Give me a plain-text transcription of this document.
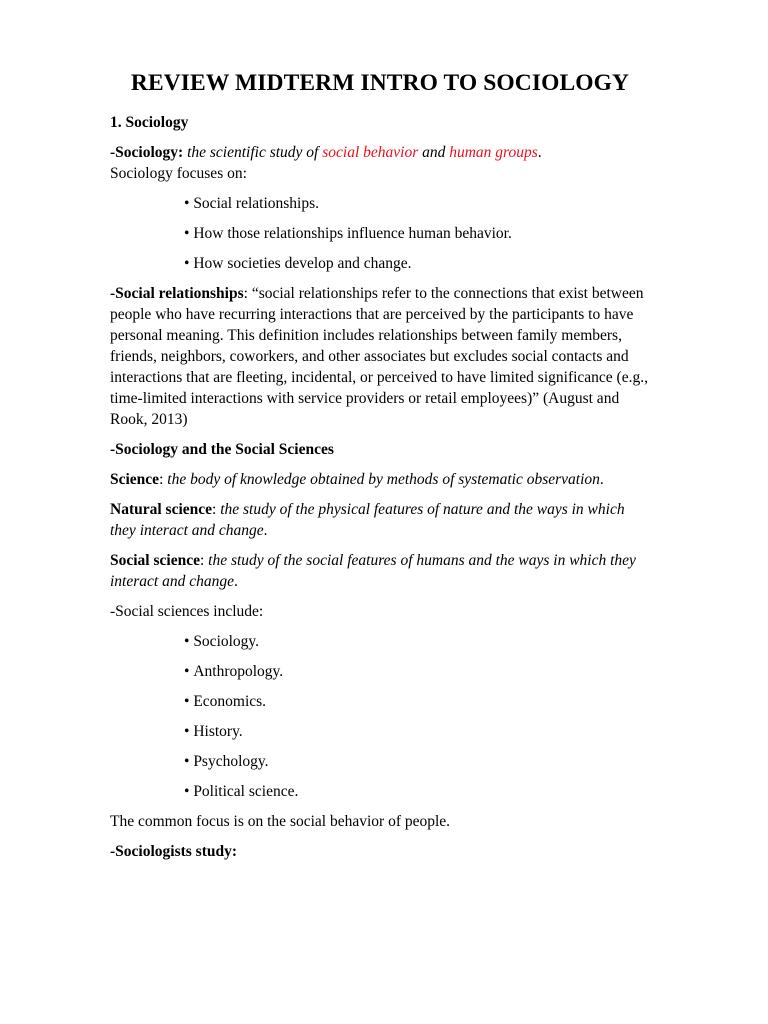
REVIEW MIDTERM INTRO TO SOCIOLOGY

1. Sociology

-Sociology: the scientific study of social behavior and human groups.

Sociology focuses on:

• Social relationships.
• How those relationships influence human behavior.
• How societies develop and change.

-Social relationships: “social relationships refer to the connections that exist between people who have recurring interactions that are perceived by the participants to have personal meaning. This definition includes relationships between family members, friends, neighbors, coworkers, and other associates but excludes social contacts and interactions that are fleeting, incidental, or perceived to have limited significance (e.g., time-limited interactions with service providers or retail employees)” (August and Rook, 2013)

-Sociology and the Social Sciences

Science: the body of knowledge obtained by methods of systematic observation.

Natural science: the study of the physical features of nature and the ways in which they interact and change.

Social science: the study of the social features of humans and the ways in which they interact and change.

-Social sciences include:

• Sociology.
• Anthropology.
• Economics.
• History.
• Psychology.
• Political science.

The common focus is on the social behavior of people.

-Sociologists study:
